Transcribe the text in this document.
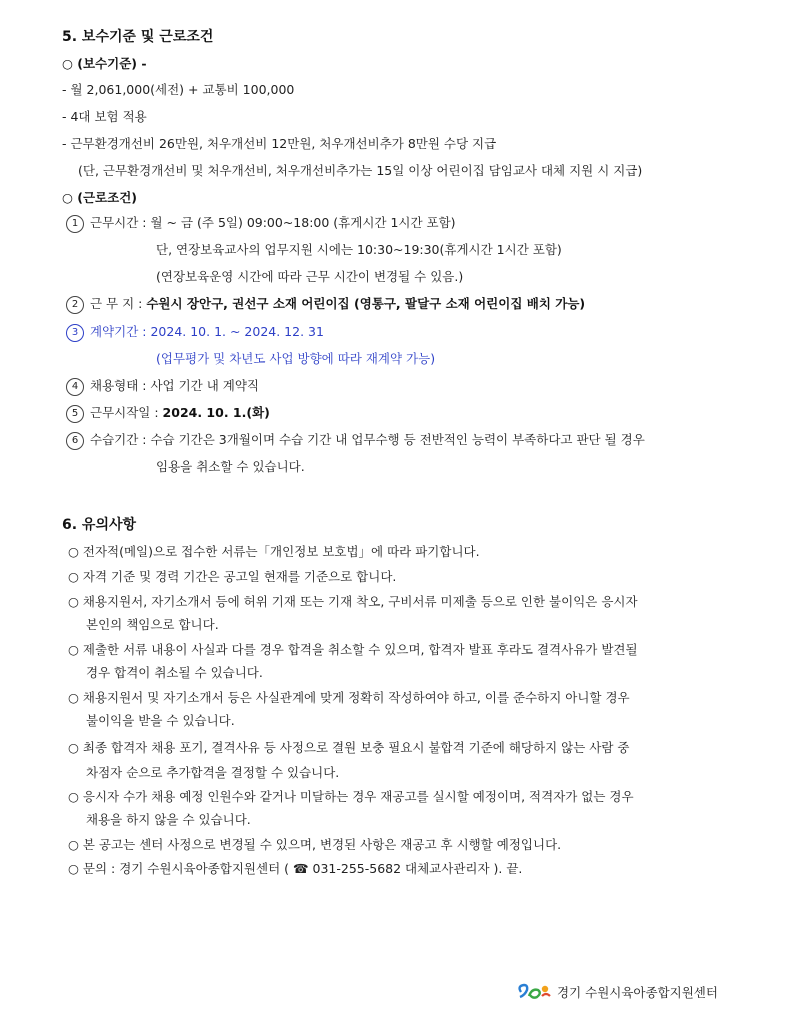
5. 보수기준 및 근로조건
○ (보수기준) -
- 월 2,061,000(세전) + 교통비 100,000
- 4대 보험 적용
- 근무환경개선비 26만원, 처우개선비 12만원, 처우개선비추가 8만원 수당 지급
(단, 근무환경개선비 및 처우개선비, 처우개선비추가는 15일 이상 어린이집 담임교사 대체 지원 시 지급)
○ (근로조건)
1 근무시간 : 월 ~ 금 (주 5일) 09:00~18:00 (휴게시간 1시간 포함)
단, 연장보육교사의 업무지원 시에는 10:30~19:30(휴게시간 1시간 포함)
(연장보육운영 시간에 따라 근무 시간이 변경될 수 있음.)
2 근 무 지 : 수원시 장안구, 권선구 소재 어린이집 (영통구, 팔달구 소재 어린이집 배치 가능)
3 계약기간 : 2024. 10. 1. ~ 2024. 12. 31
(업무평가 및 차년도 사업 방향에 따라 재계약 가능)
4 채용형태 : 사업 기간 내 계약직
5 근무시작일 : 2024. 10. 1.(화)
6 수습기간 : 수습 기간은 3개월이며 수습 기간 내 업무수행 등 전반적인 능력이 부족하다고 판단 될 경우
임용을 취소할 수 있습니다.
6. 유의사항
○ 전자적(메일)으로 접수한 서류는「개인정보 보호법」에 따라 파기합니다.
○ 자격 기준 및 경력 기간은 공고일 현재를 기준으로 합니다.
○ 채용지원서, 자기소개서 등에 허위 기재 또는 기재 착오, 구비서류 미제출 등으로 인한 불이익은 응시자
본인의 책임으로 합니다.
○ 제출한 서류 내용이 사실과 다를 경우 합격을 취소할 수 있으며, 합격자 발표 후라도 결격사유가 발견될
경우 합격이 취소될 수 있습니다.
○ 채용지원서 및 자기소개서 등은 사실관계에 맞게 정확히 작성하여야 하고, 이를 준수하지 아니할 경우
불이익을 받을 수 있습니다.
○ 최종 합격자 채용 포기, 결격사유 등 사정으로 결원 보충 필요시 불합격 기준에 해당하지 않는 사람 중
차점자 순으로 추가합격을 결정할 수 있습니다.
○ 응시자 수가 채용 예정 인원수와 같거나 미달하는 경우 재공고를 실시할 예정이며, 적격자가 없는 경우
채용을 하지 않을 수 있습니다.
○ 본 공고는 센터 사정으로 변경될 수 있으며, 변경된 사항은 재공고 후 시행할 예정입니다.
○ 문의 : 경기 수원시육아종합지원센터 ( ☎ 031-255-5682 대체교사관리자 ). 끝.
경기 수원시육아종합지원센터
